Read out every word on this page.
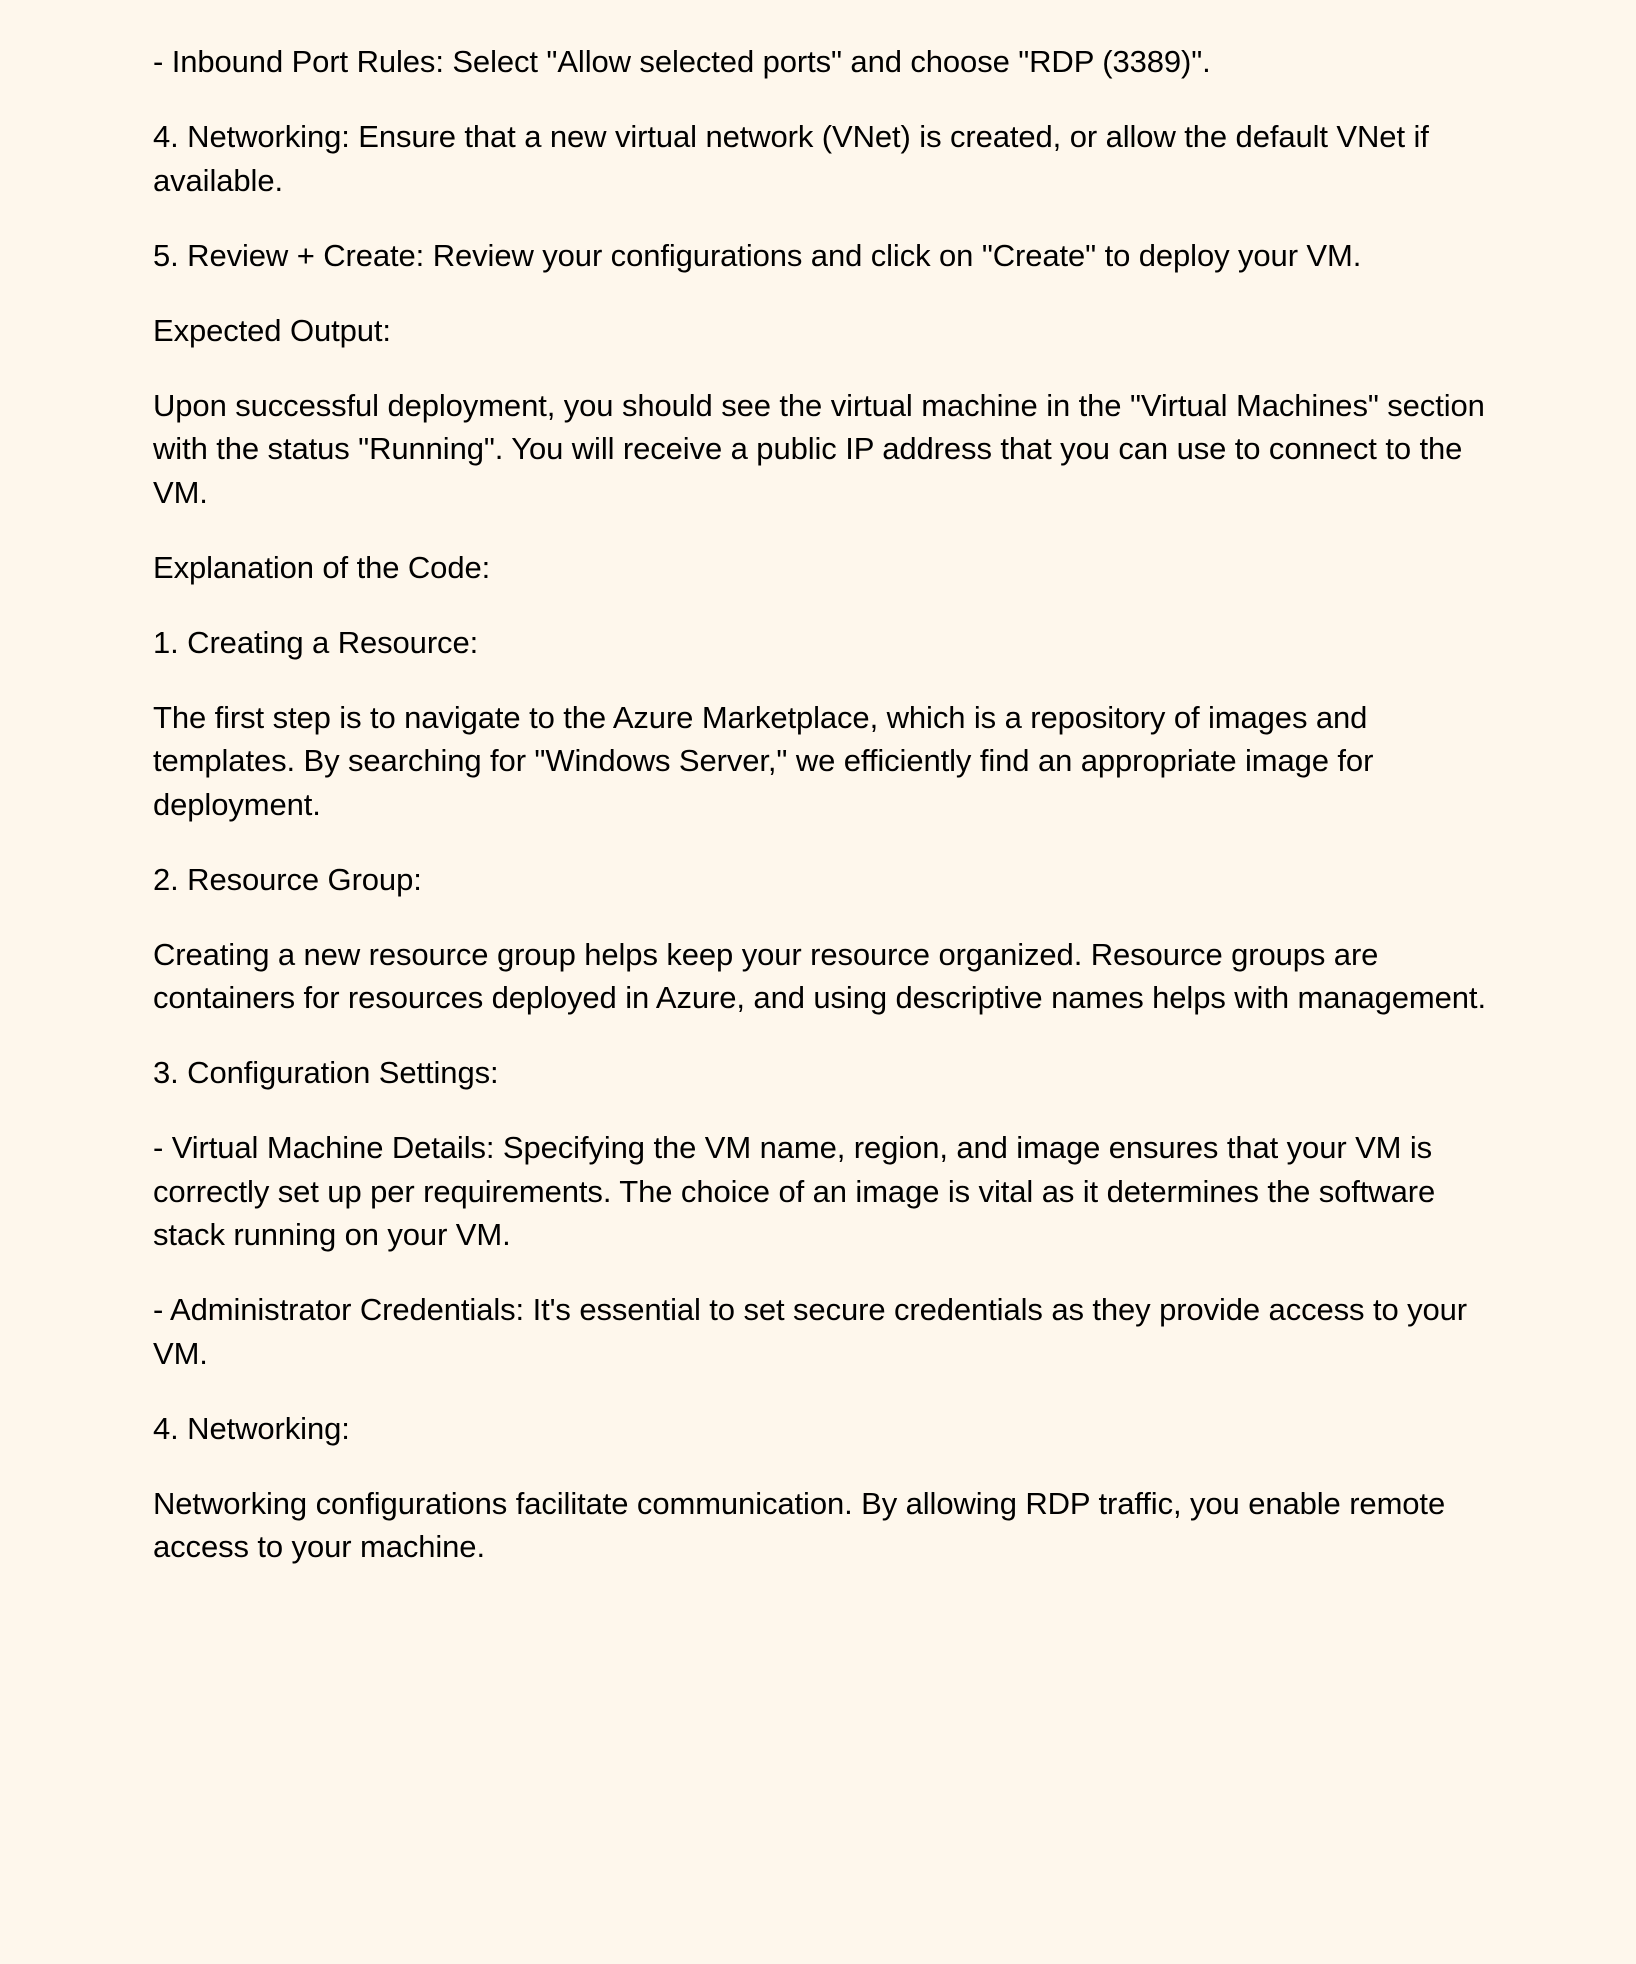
- Inbound Port Rules: Select "Allow selected ports" and choose "RDP (3389)".

4. Networking: Ensure that a new virtual network (VNet) is created, or allow the default VNet if available.

5. Review + Create: Review your configurations and click on "Create" to deploy your VM.

Expected Output:

Upon successful deployment, you should see the virtual machine in the "Virtual Machines" section with the status "Running". You will receive a public IP address that you can use to connect to the VM.

Explanation of the Code:

1. Creating a Resource:

The first step is to navigate to the Azure Marketplace, which is a repository of images and templates. By searching for "Windows Server," we efficiently find an appropriate image for deployment.

2. Resource Group:

Creating a new resource group helps keep your resource organized. Resource groups are containers for resources deployed in Azure, and using descriptive names helps with management.

3. Configuration Settings:

- Virtual Machine Details: Specifying the VM name, region, and image ensures that your VM is correctly set up per requirements. The choice of an image is vital as it determines the software stack running on your VM.

- Administrator Credentials: It's essential to set secure credentials as they provide access to your VM.

4. Networking:

Networking configurations facilitate communication. By allowing RDP traffic, you enable remote access to your machine.
